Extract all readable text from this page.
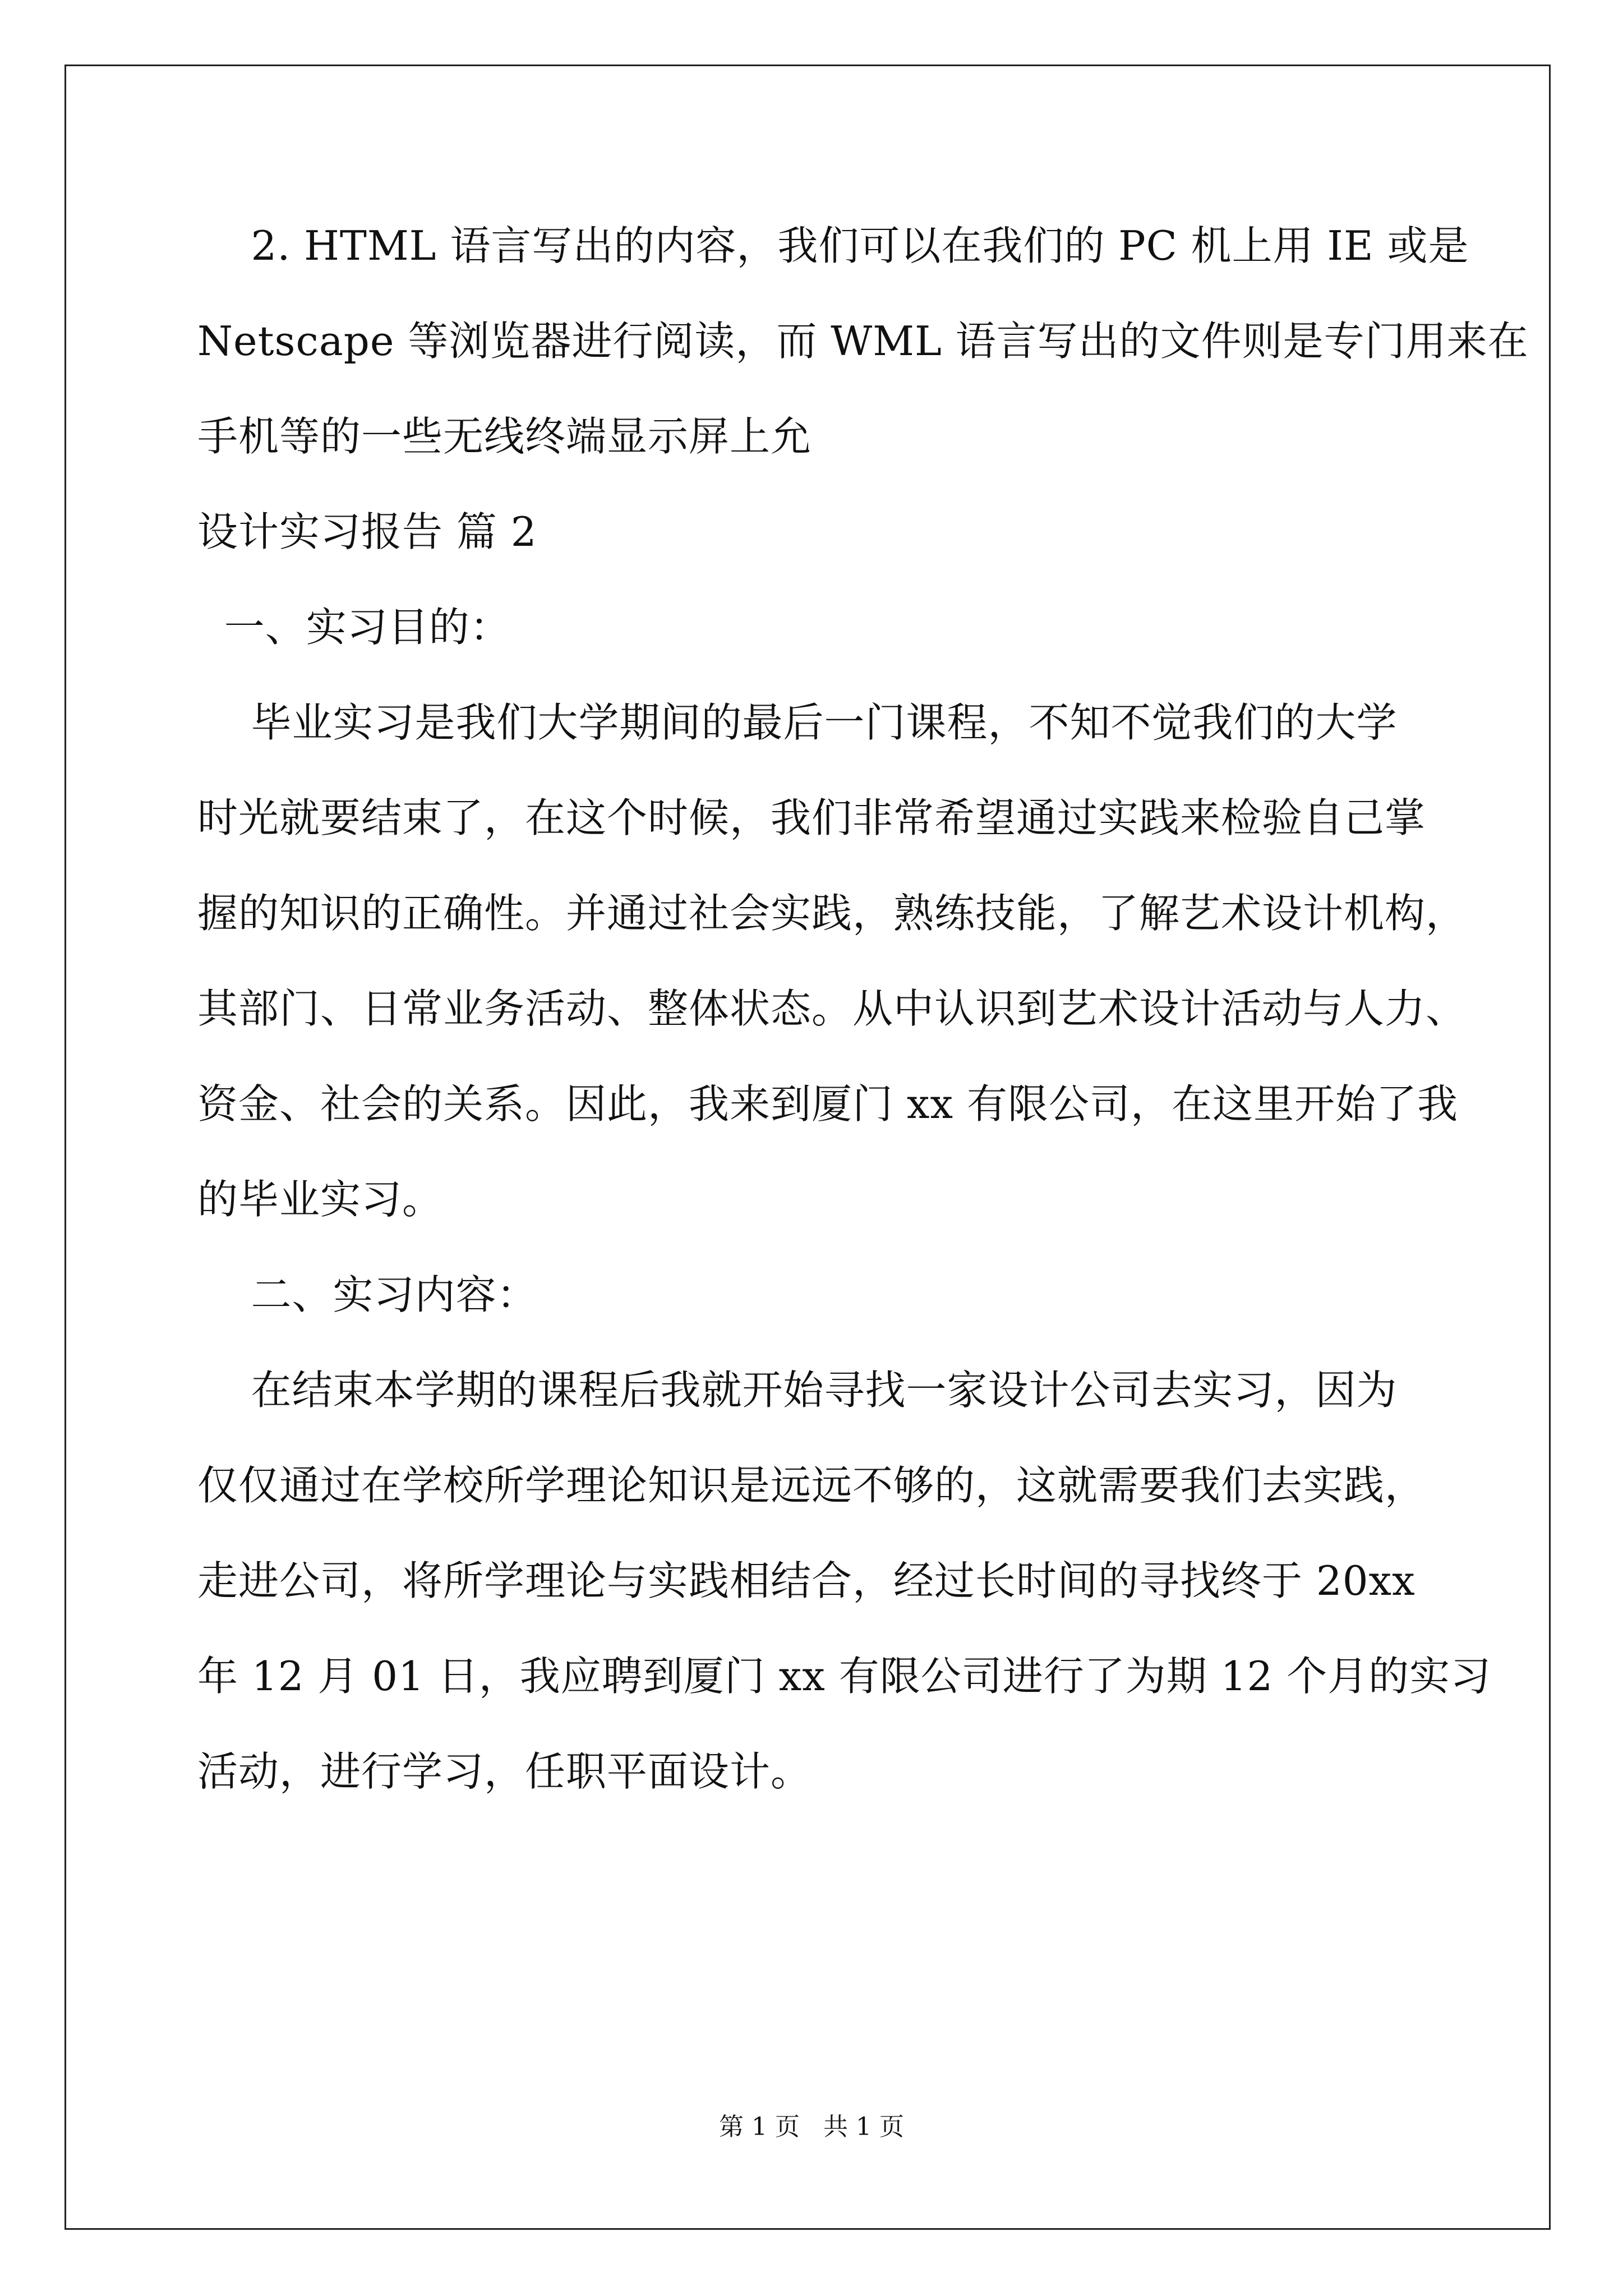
2. HTML 语言写出的内容，我们可以在我们的 PC 机上用 IE 或是
Netscape 等浏览器进行阅读，而 WML 语言写出的文件则是专门用来在
手机等的一些无线终端显示屏上允
设计实习报告 篇 2
一、实习目的：
毕业实习是我们大学期间的最后一门课程，不知不觉我们的大学
时光就要结束了，在这个时候，我们非常希望通过实践来检验自己掌
握的知识的正确性。并通过社会实践，熟练技能，了解艺术设计机构，
其部门、日常业务活动、整体状态。从中认识到艺术设计活动与人力、
资金、社会的关系。因此，我来到厦门 xx 有限公司，在这里开始了我
的毕业实习。
二、实习内容：
在结束本学期的课程后我就开始寻找一家设计公司去实习，因为
仅仅通过在学校所学理论知识是远远不够的，这就需要我们去实践，
走进公司，将所学理论与实践相结合，经过长时间的寻找终于 20xx
年 12 月 01 日，我应聘到厦门 xx 有限公司进行了为期 12 个月的实习
活动，进行学习，任职平面设计。
第 1 页   共 1 页
